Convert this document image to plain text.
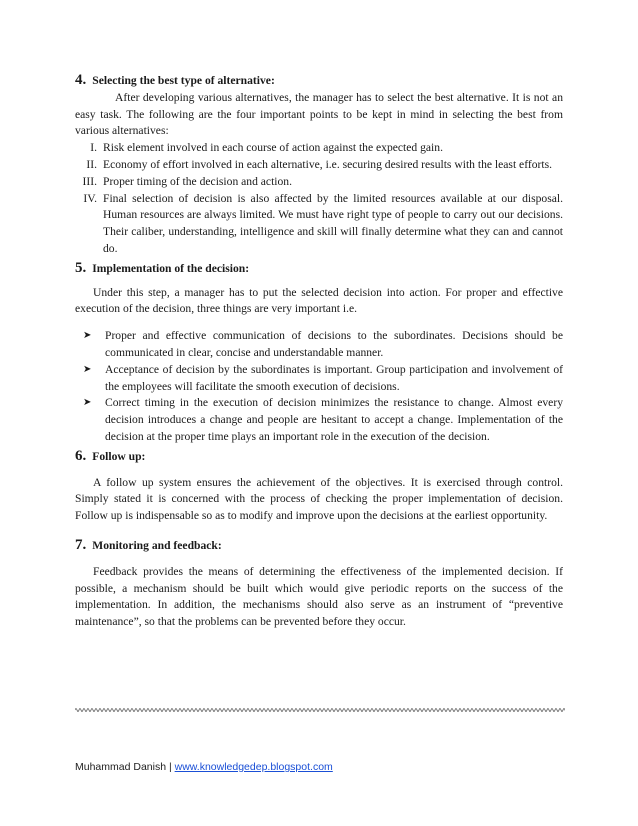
4. Selecting the best type of alternative:

After developing various alternatives, the manager has to select the best alternative. It is not an easy task. The following are the four important points to be kept in mind in selecting the best from various alternatives:

I. Risk element involved in each course of action against the expected gain.
II. Economy of effort involved in each alternative, i.e. securing desired results with the least efforts.
III. Proper timing of the decision and action.
IV. Final selection of decision is also affected by the limited resources available at our disposal. Human resources are always limited. We must have right type of people to carry out our decisions. Their caliber, understanding, intelligence and skill will finally determine what they can and cannot do.
5. Implementation of the decision:

Under this step, a manager has to put the selected decision into action. For proper and effective execution of the decision, three things are very important i.e.

➤	Proper and effective communication of decisions to the subordinates. Decisions should be communicated in clear, concise and understandable manner.
➤	Acceptance of decision by the subordinates is important. Group participation and involvement of the employees will facilitate the smooth execution of decisions.
➤	Correct timing in the execution of decision minimizes the resistance to change. Almost every decision introduces a change and people are hesitant to accept a change. Implementation of the decision at the proper time plays an important role in the execution of the decision.
6. Follow up:

A follow up system ensures the achievement of the objectives. It is exercised through control. Simply stated it is concerned with the process of checking the proper implementation of decision. Follow up is indispensable so as to modify and improve upon the decisions at the earliest opportunity.

7. Monitoring and feedback:

Feedback provides the means of determining the effectiveness of the implemented decision. If possible, a mechanism should be built which would give periodic reports on the success of the implementation. In addition, the mechanisms should also serve as an instrument of “preventive maintenance”, so that the problems can be prevented before they occur.

Muhammad Danish | www.knowledgedep.blogspot.com
